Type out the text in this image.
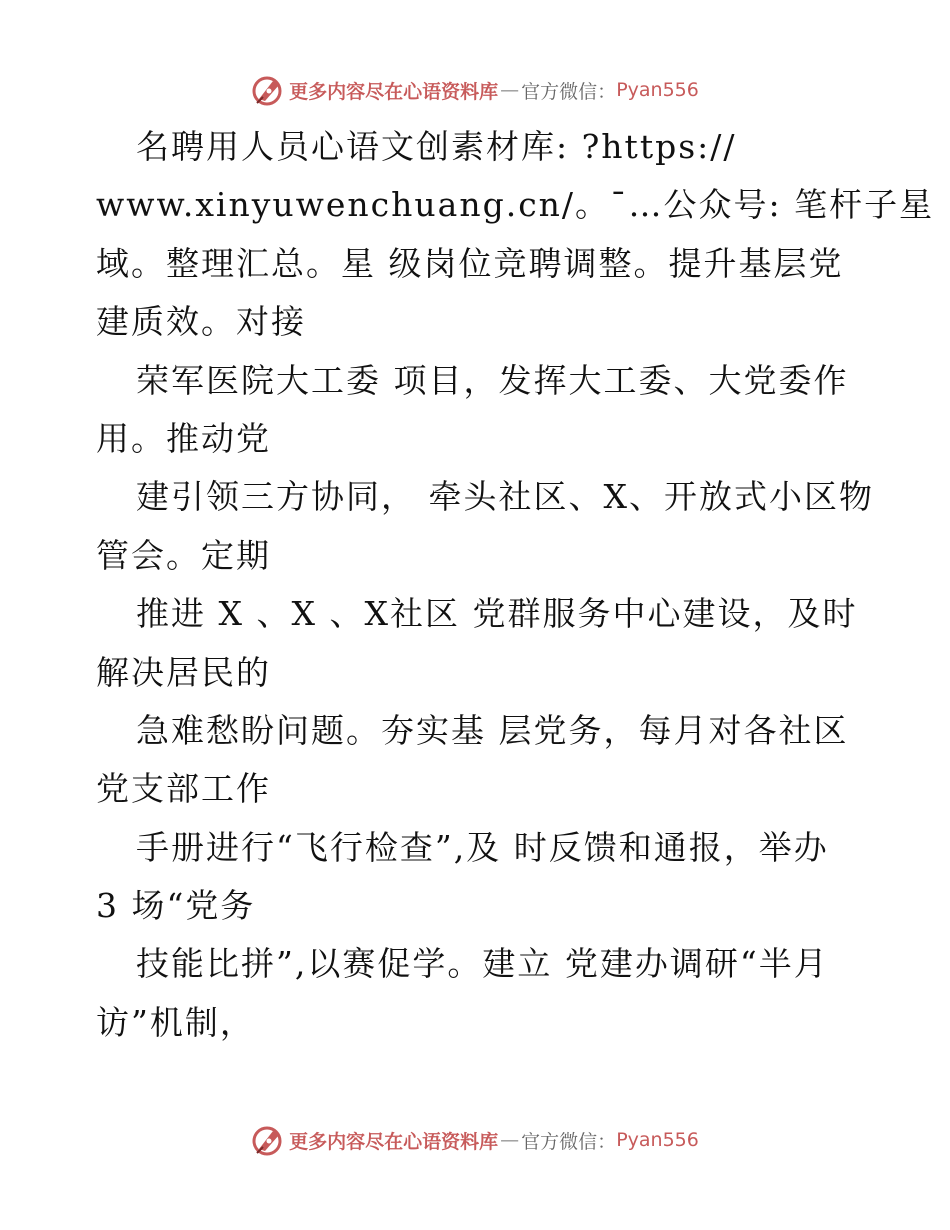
更多内容尽在心语资料库 — 官方微信： Pyan556
名聘用人员心语文创素材库: ?https://
www.xinyuwenchuang.cn/。¯…公众号: 笔杆子星
域。整理汇总。星 级岗位竞聘调整。提升基层党
建质效。对接
荣军医院大工委 项目，发挥大工委、大党委作
用。推动党
建引领三方协同， 牵头社区、X、开放式小区物
管会。定期
推进 X 、X 、X社区 党群服务中心建设，及时
解决居民的
急难愁盼问题。夯实基 层党务，每月对各社区
党支部工作
手册进行“飞行检查”,及 时反馈和通报，举办
3 场“党务
技能比拼”,以赛促学。建立 党建办调研“半月
访”机制，
更多内容尽在心语资料库 — 官方微信： Pyan556
